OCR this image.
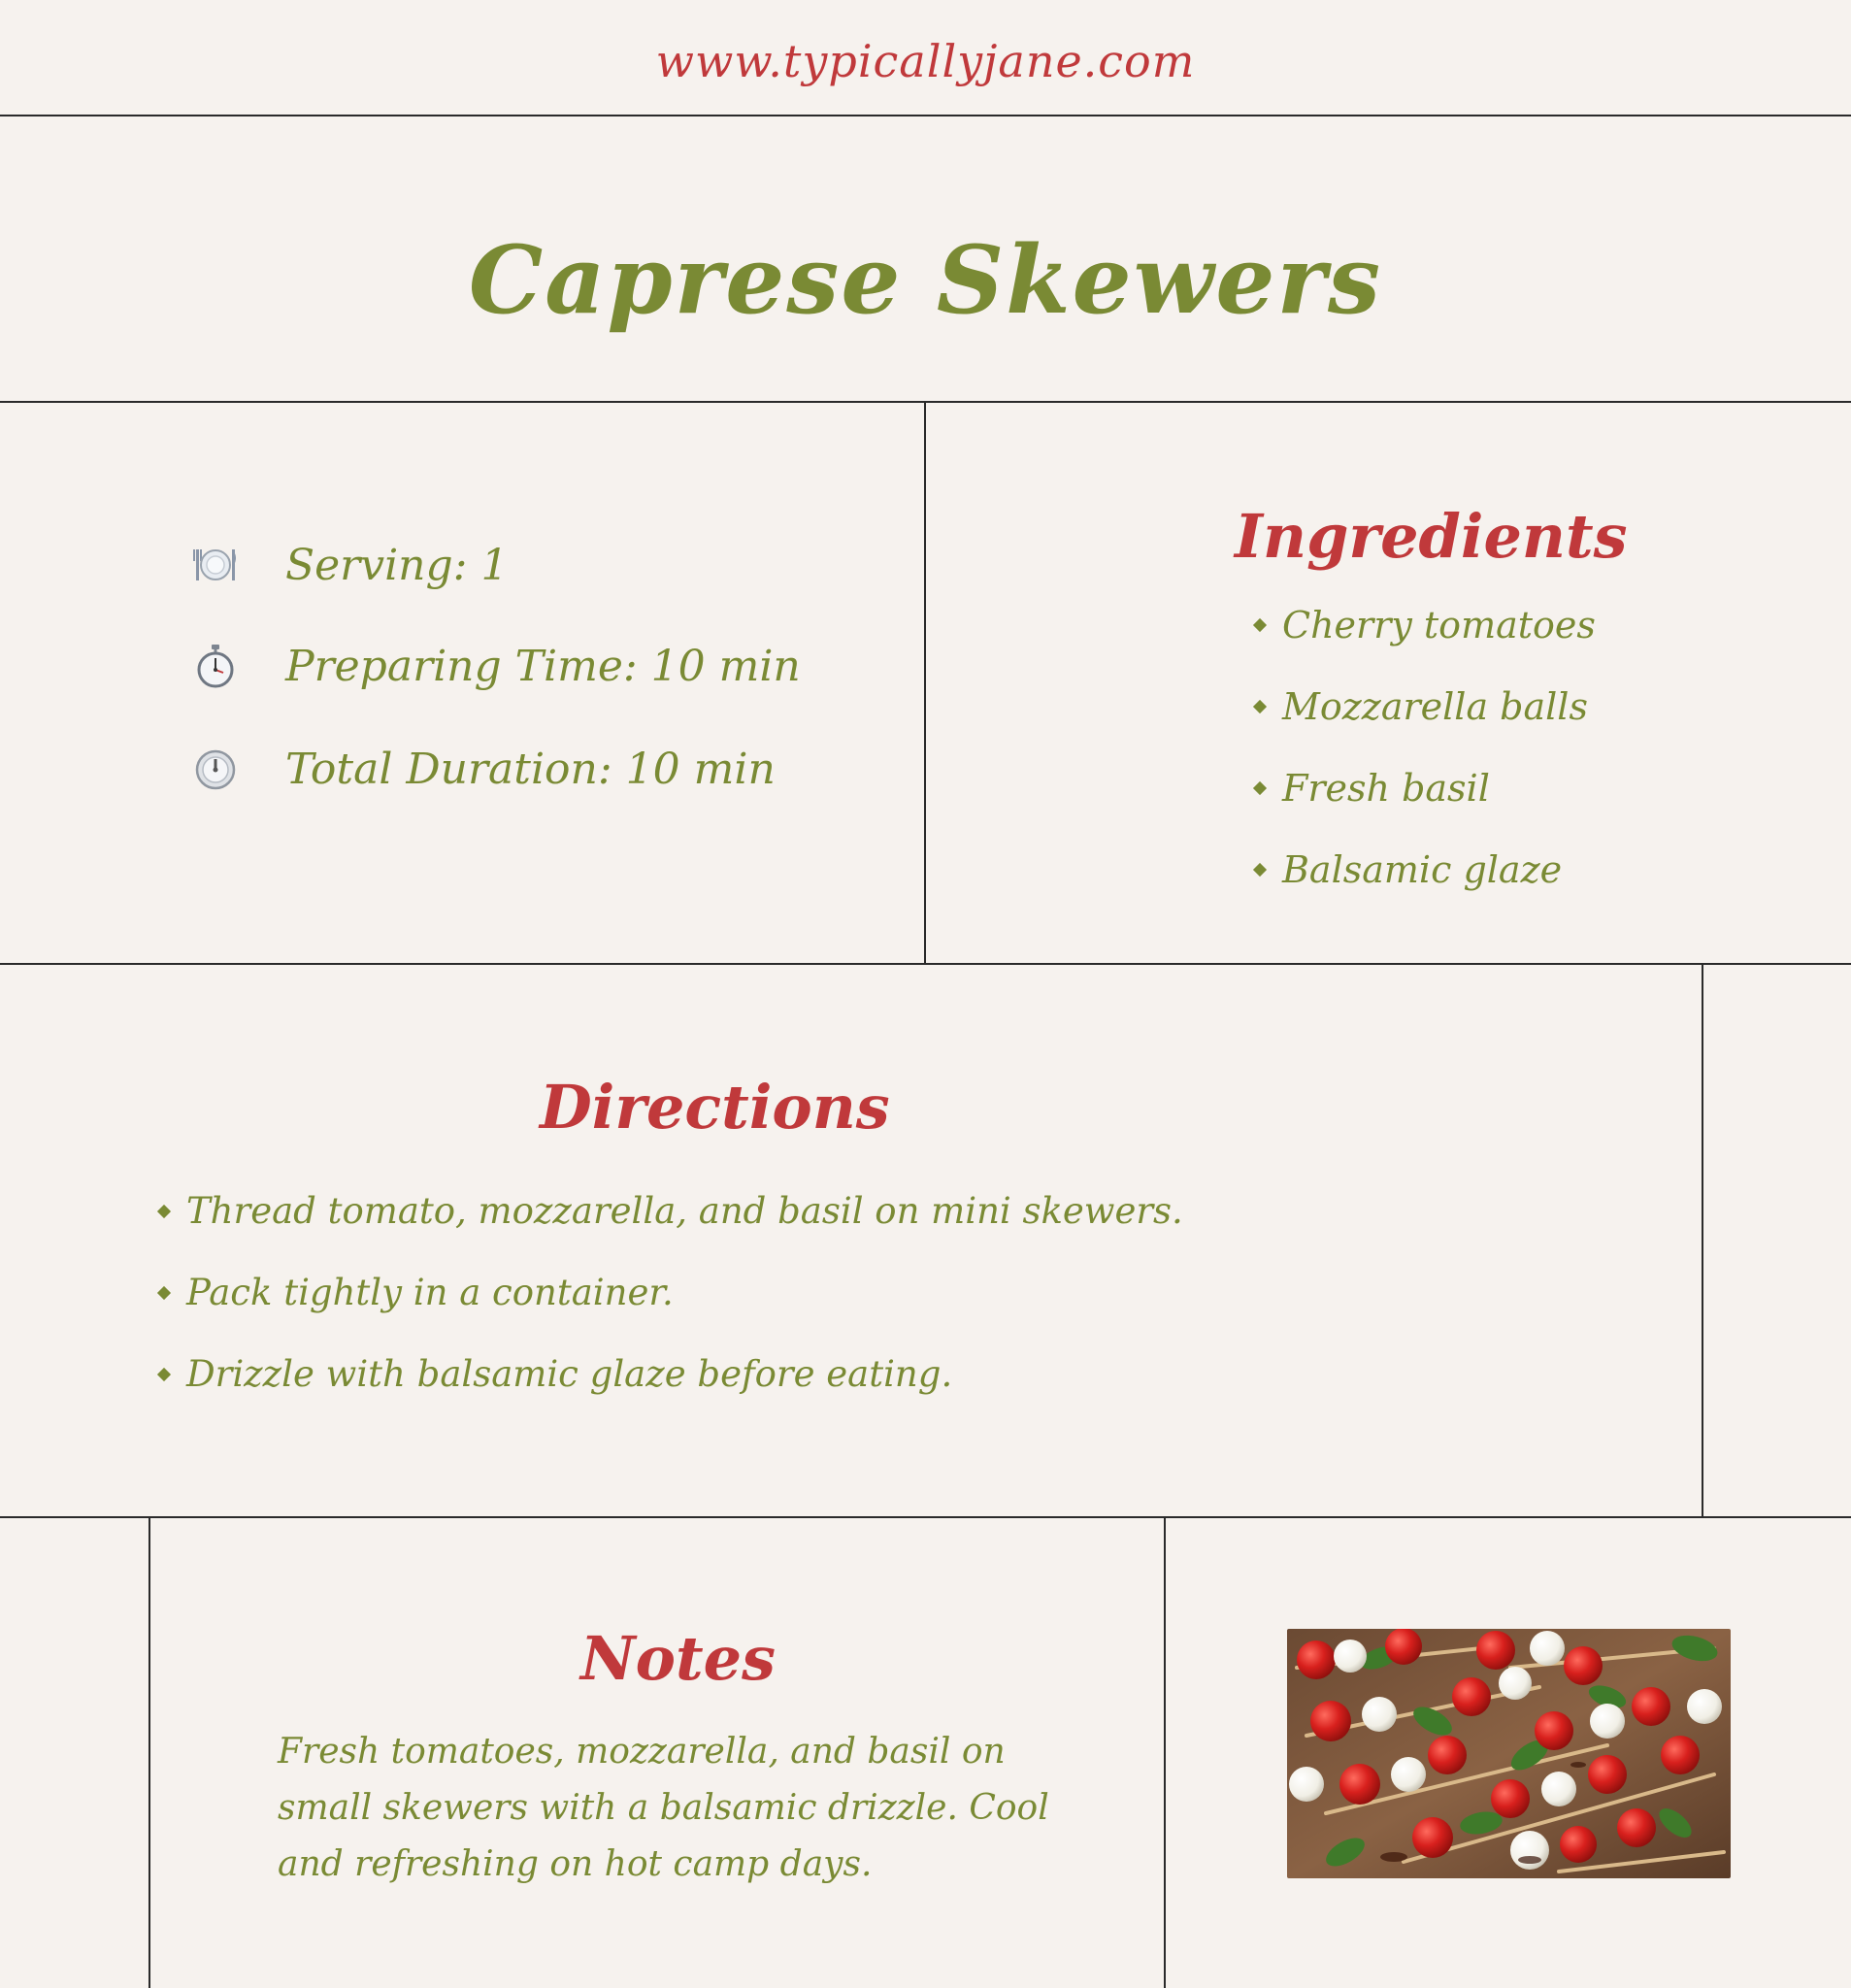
www.typicallyjane.com
Caprese Skewers
Serving: 1
Preparing Time: 10 min
Total Duration: 10 min
Ingredients
Cherry tomatoes
Mozzarella balls
Fresh basil
Balsamic glaze
Directions
Thread tomato, mozzarella, and basil on mini skewers.
Pack tightly in a container.
Drizzle with balsamic glaze before eating.
Notes
Fresh tomatoes, mozzarella, and basil on small skewers with a balsamic drizzle. Cool and refreshing on hot camp days.
